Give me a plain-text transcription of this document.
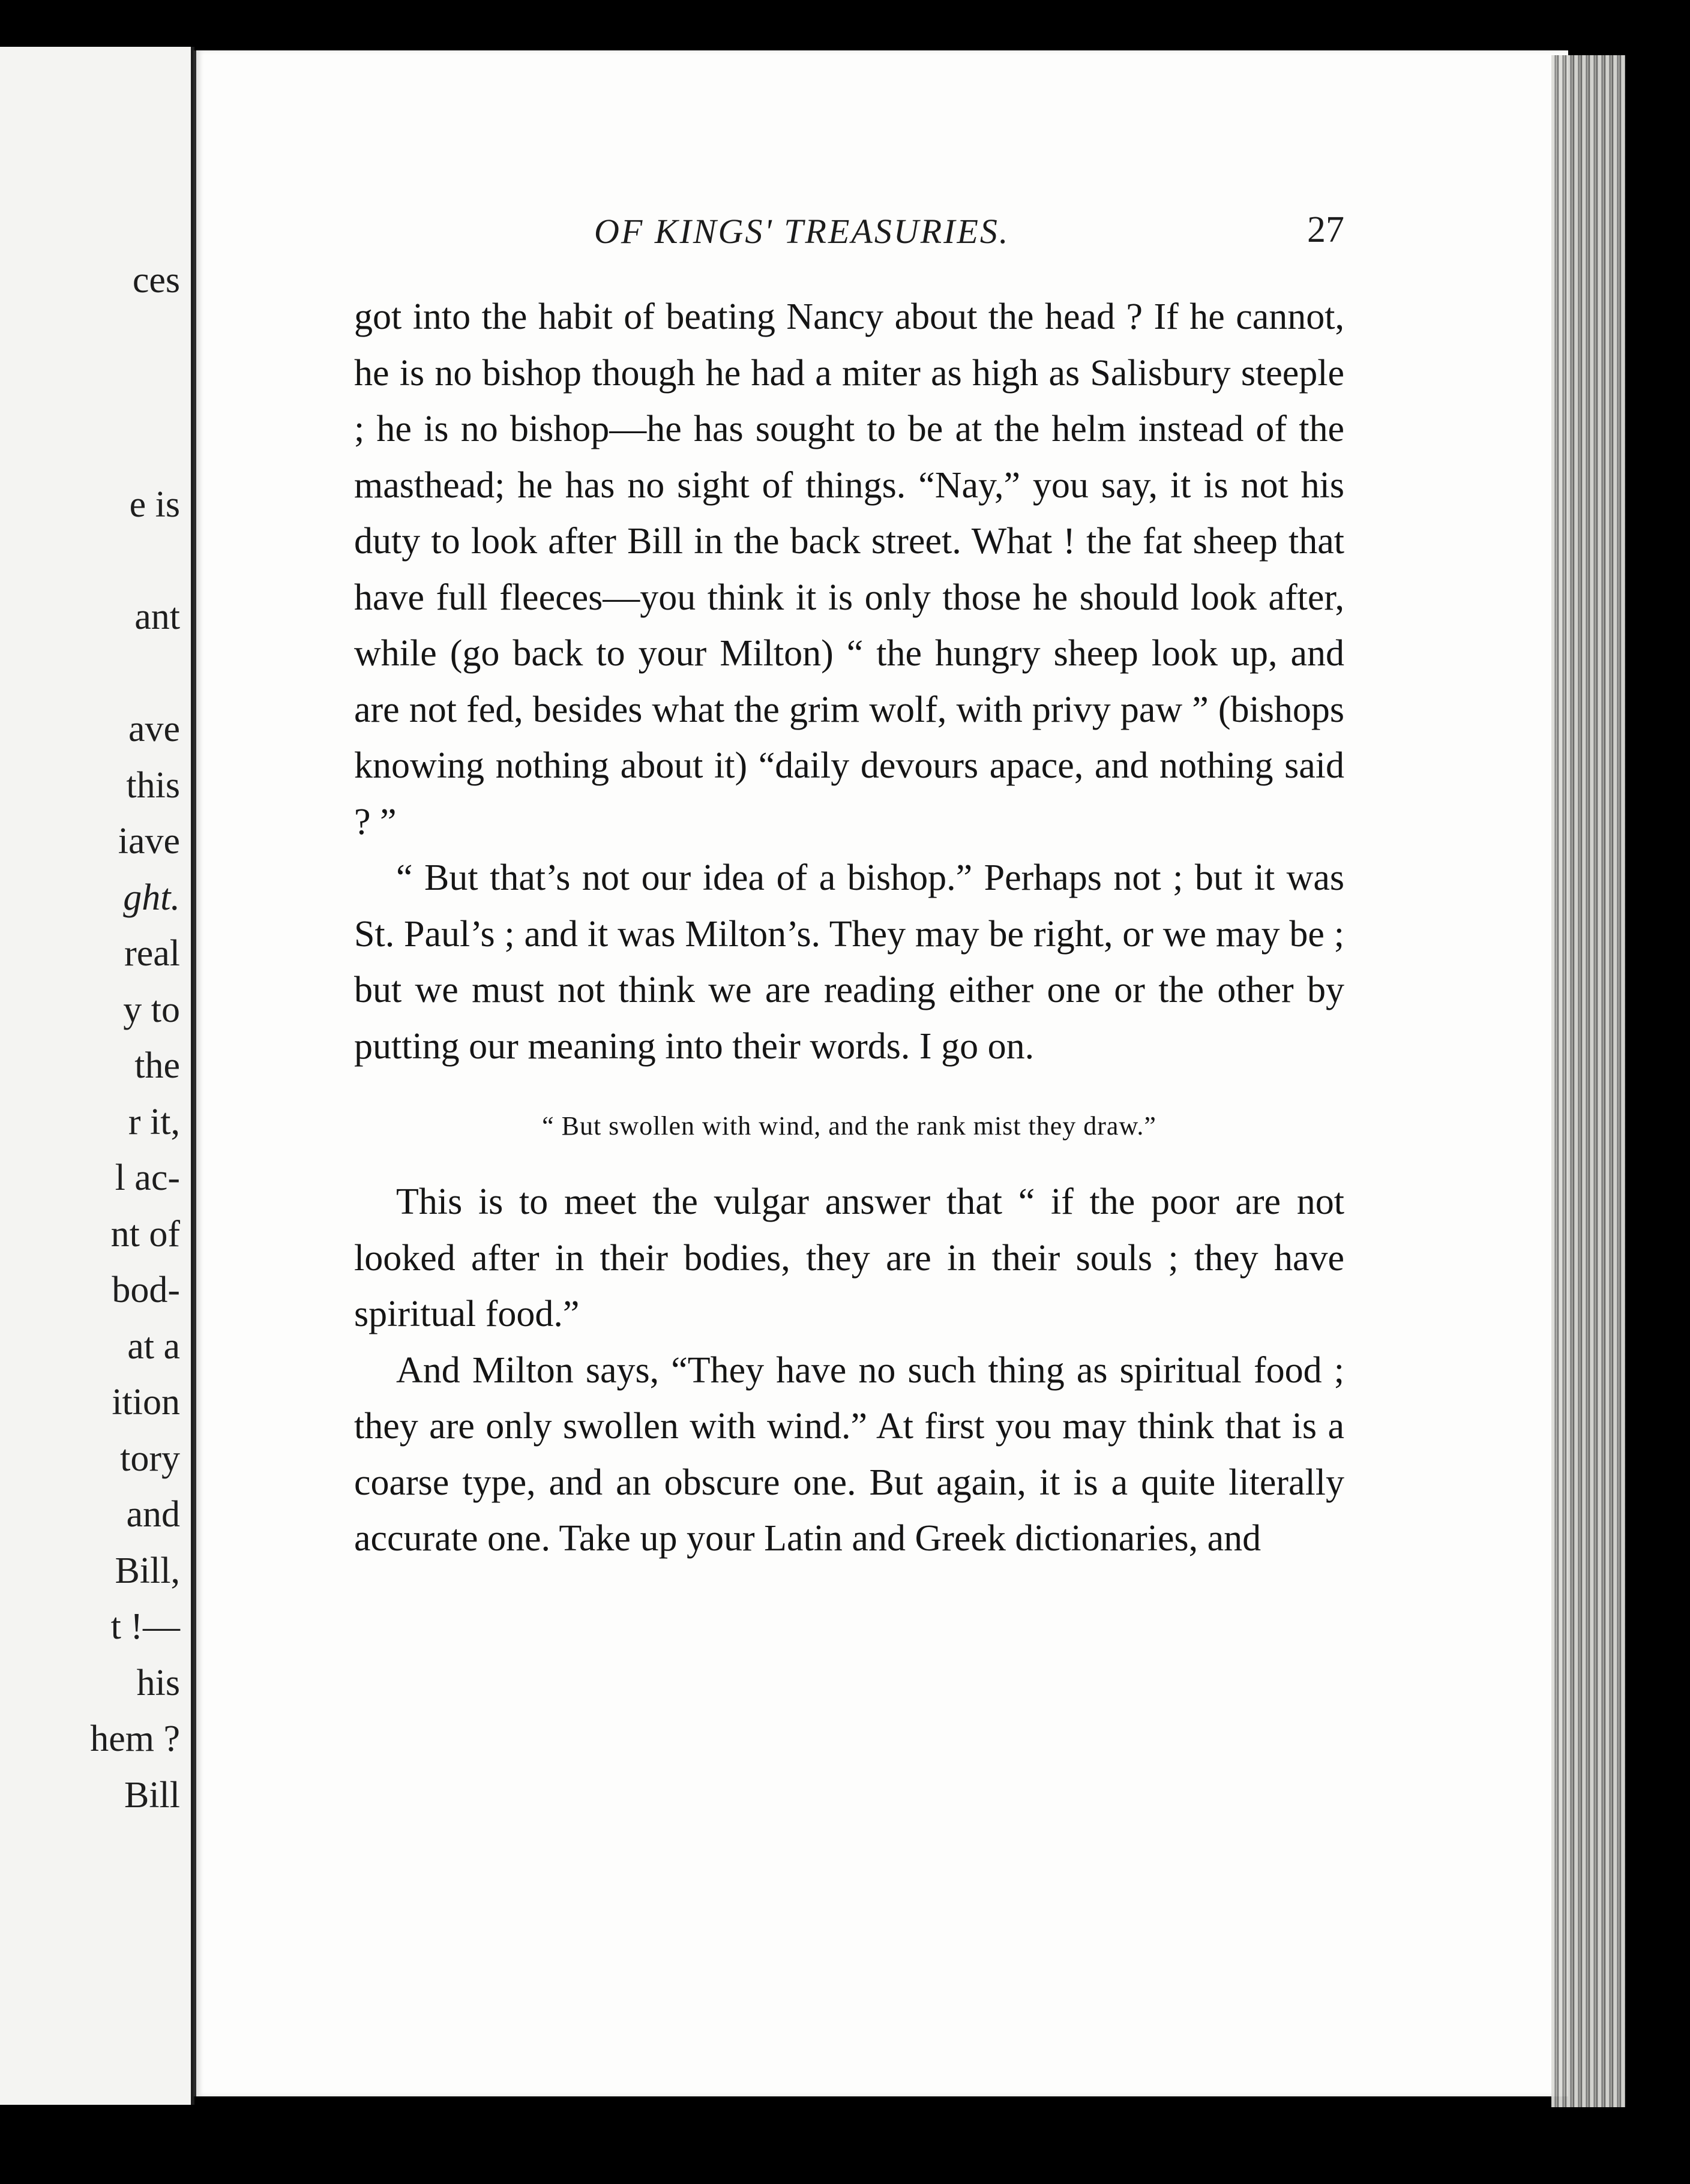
ces
e is
ant
ave
this
iave
ght.
real
y to
the
r it,
l ac-
nt of
bod-
at a
ition
tory
and
Bill,
t !—
his
hem ?
Bill
OF KINGS' TREASURIES.	27

got into the habit of beating Nancy about the head ? If he cannot, he is no bishop though he had a miter as high as Salisbury steeple ; he is no bishop—he has sought to be at the helm instead of the masthead; he has no sight of things. “Nay,” you say, it is not his duty to look after Bill in the back street. What ! the fat sheep that have full fleeces—you think it is only those he should look after, while (go back to your Milton) “ the hungry sheep look up, and are not fed, besides what the grim wolf, with privy paw ” (bishops knowing nothing about it) “daily devours apace, and nothing said ? ”

“ But that’s not our idea of a bishop.” Perhaps not ; but it was St. Paul’s ; and it was Milton’s. They may be right, or we may be ; but we must not think we are reading either one or the other by putting our meaning into their words. I go on.

“ But swollen with wind, and the rank mist they draw.”

This is to meet the vulgar answer that “ if the poor are not looked after in their bodies, they are in their souls ; they have spiritual food.”

And Milton says, “They have no such thing as spiritual food ; they are only swollen with wind.” At first you may think that is a coarse type, and an obscure one. But again, it is a quite literally accurate one. Take up your Latin and Greek dictionaries, and
